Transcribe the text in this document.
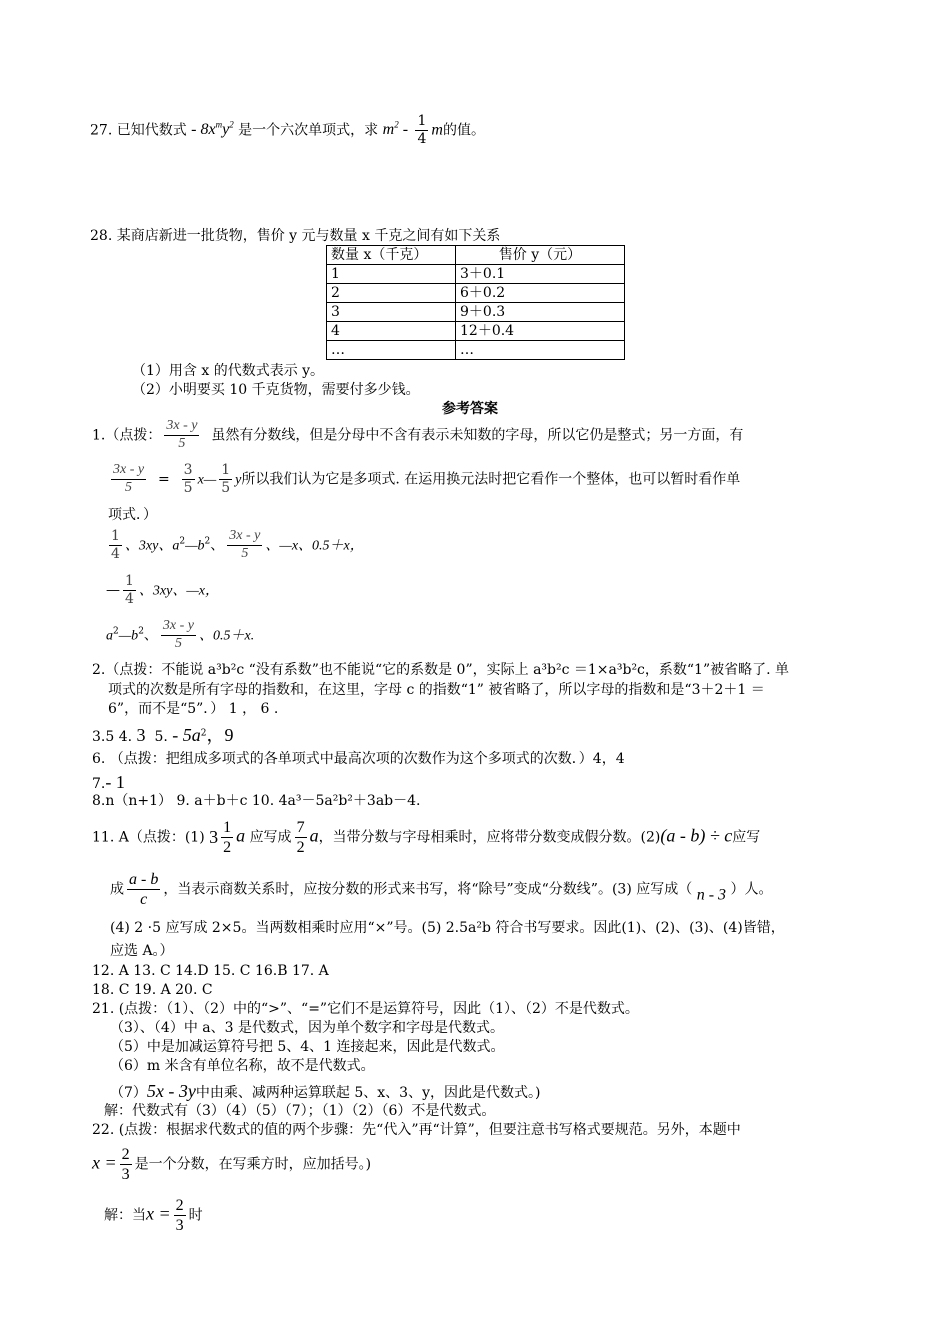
27. 已知代数式 - $8x^my^2$ 是一个六次单项式，求 $m^2 - \frac{1}{4}$ m的值。
28. 某商店新进一批货物，售价 y 元与数量 x 千克之间有如下关系
数量 x（千克）	售价 y（元）
1	3＋0.1
2	6＋0.2
3	9＋0.3
4	12＋0.4
…	…
（1）用含 x 的代数式表示 y。
（2）小明要买 10 千克货物，需要付多少钱。
参考答案
1.（点拨： $\frac{3x - y}{5}$ 虽然有分数线，但是分母中不含有表示未知数的字母，所以它仍是整式；另一方面，有
$\frac{3x - y}{5} = \frac{3}{5}$ x— $\frac{1}{5}$ y所以我们认为它是多项式. 在运用换元法时把它看作一个整体，也可以暂时看作单
项式．）
$\frac{1}{4}$ 、3xy、$a^2—b^2$、 $\frac{3x - y}{5}$ 、—x、0.5＋x，
— $\frac{1}{4}$ 、3xy、—x，
$a^2—b^2$、 $\frac{3x - y}{5}$ 、0.5＋x.
2.（点拨：不能说 a³b²c “没有系数”也不能说“它的系数是 0”，实际上 a³b²c ＝1×a³b²c，系数“1”被省略了. 单
项式的次数是所有字母的指数和，在这里，字母 c 的指数“1” 被省略了，所以字母的指数和是“3＋2＋1 ＝
6”，而不是“5”．） 1 ， 6 .
3.5 4. 3 5. - $5a^2$，9
6. （点拨：把组成多项式的各单项式中最高次项的次数作为这个多项式的次数．）4，4
7.- 1
8.n（n+1） 9. a＋b＋c 10. 4a³－5a²b²＋3ab－4.
11. A（点拨：(1) $3 \frac{1}{2}$ a 应写成 $\frac{7}{2}$ a，当带分数与字母相乘时，应将带分数变成假分数。(2)(a - b) ÷ c应写
成 $\frac{a - b}{c}$ ，当表示商数关系时，应按分数的形式来书写，将“除号”变成“分数线”。(3) 应写成（ n - 3 ）人。
(4) 2 ·5 应写成 2×5。当两数相乘时应用“×”号。(5) 2.5a²b 符合书写要求。因此(1)、(2)、(3)、(4)皆错，
应选 A。）
12. A 13. C 14.D 15. C 16.B 17. A
18. C 19. A 20. C
21. (点拨：（1）、（2）中的“>”、“=”它们不是运算符号，因此（1）、（2）不是代数式。
（3）、（4）中 a、3 是代数式，因为单个数字和字母是代数式。
（5）中是加减运算符号把 5、4、1 连接起来，因此是代数式。
（6）m 米含有单位名称，故不是代数式。
（7）5x - 3y中由乘、减两种运算联起 5、x、3、y，因此是代数式。)
解：代数式有（3）（4）（5）（7）；（1）（2）（6）不是代数式。
22. (点拨：根据求代数式的值的两个步骤：先“代入”再“计算”，但要注意书写格式要规范。另外，本题中
$x = \frac{2}{3}$ 是一个分数，在写乘方时，应加括号。)
解：当$x = \frac{2}{3}$ 时
